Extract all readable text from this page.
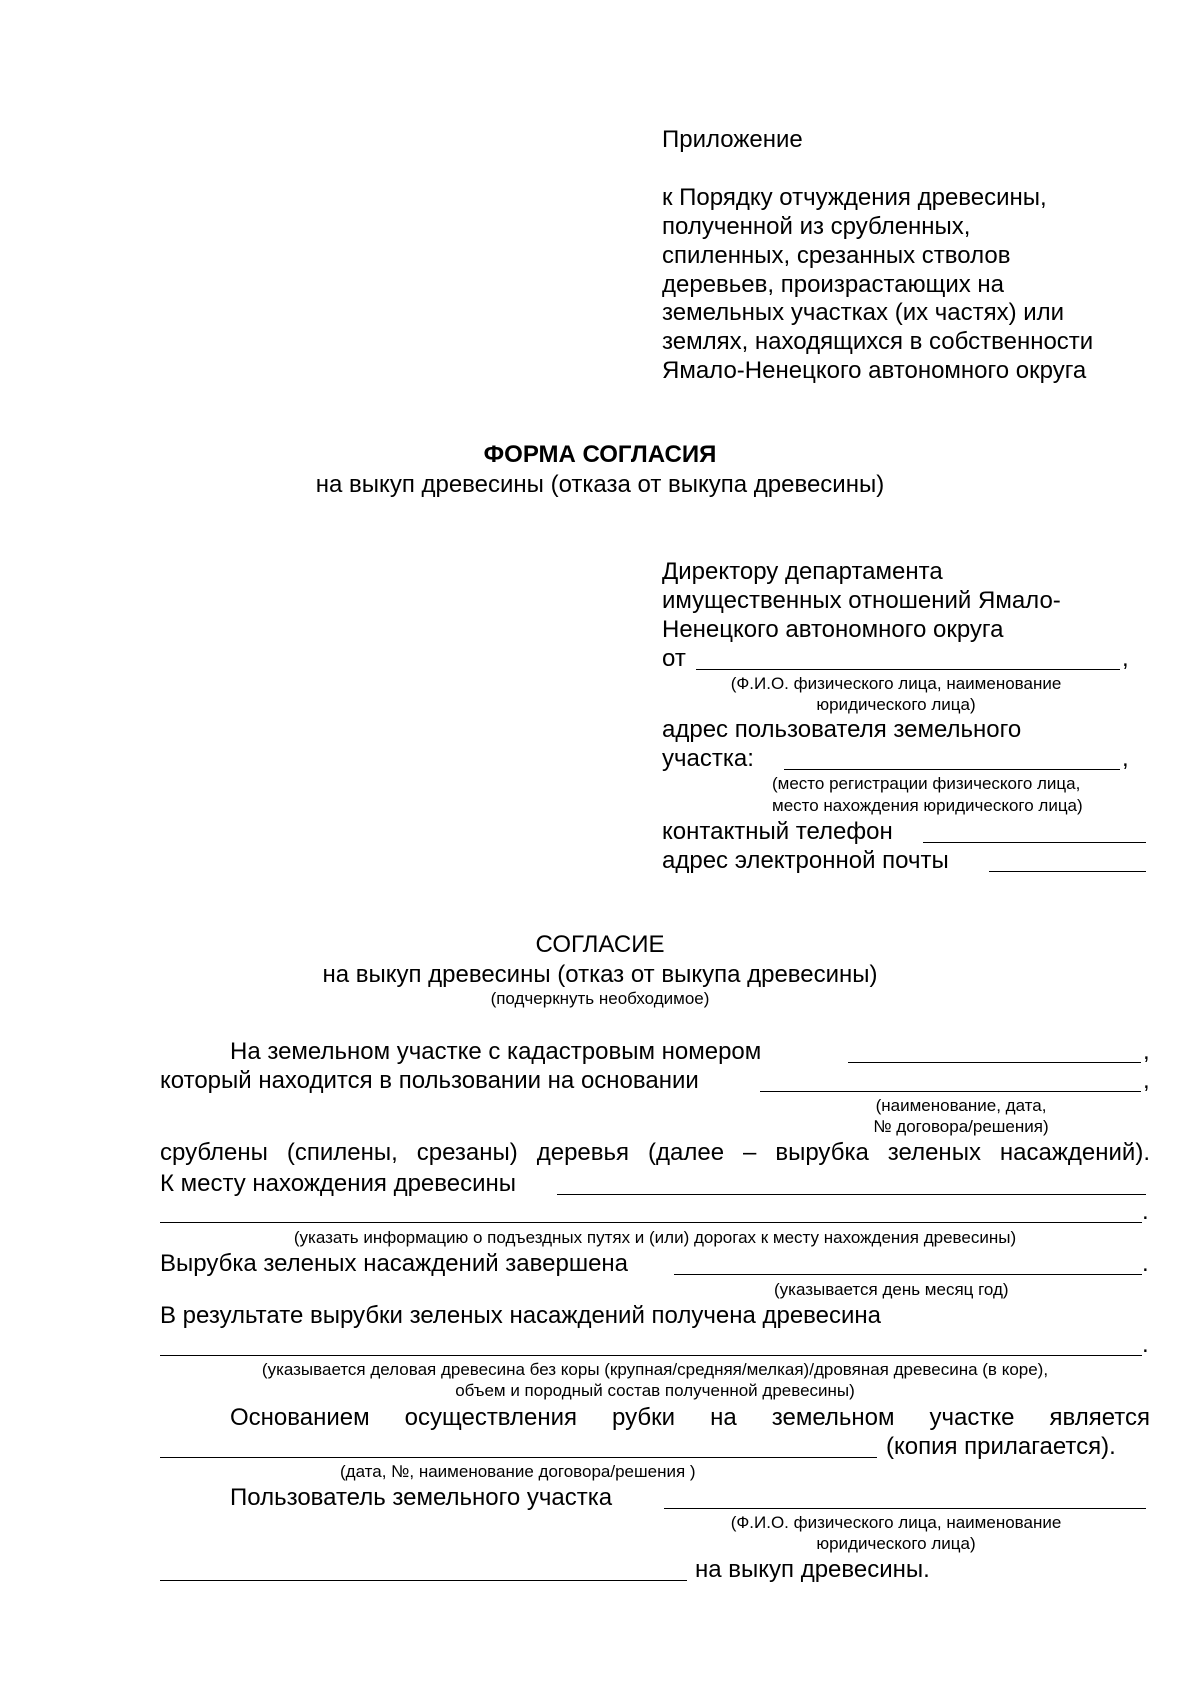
Приложение
к Порядку отчуждения древесины,
полученной из срубленных,
спиленных, срезанных стволов
деревьев, произрастающих на
земельных участках (их частях) или
землях, находящихся в собственности
Ямало-Ненецкого автономного округа
ФОРМА СОГЛАСИЯ
на выкуп древесины (отказа от выкупа древесины)
Директору департамента
имущественных отношений Ямало-
Ненецкого автономного округа
от	,
(Ф.И.О. физического лица, наименование
юридического лица)
адрес пользователя земельного
участка:	,
(место регистрации физического лица,
место нахождения юридического лица)
контактный телефон
адрес электронной почты
СОГЛАСИЕ
на выкуп древесины (отказ от выкупа древесины)
(подчеркнуть необходимое)
На земельном участке с кадастровым номером	,
который находится в пользовании на основании	,
(наименование, дата,
№ договора/решения)
срублены (спилены, срезаны) деревья (далее – вырубка зеленых насаждений).
К месту нахождения древесины
.
(указать информацию о подъездных путях и (или) дорогах к месту нахождения древесины)
Вырубка зеленых насаждений завершена	.
(указывается день месяц год)
В результате вырубки зеленых насаждений получена древесина
.
(указывается деловая древесина без коры (крупная/средняя/мелкая)/дровяная древесина (в коре),
объем и породный состав полученной древесины)
Основанием осуществления рубки на земельном участке является
(копия прилагается).
(дата, №, наименование договора/решения )
Пользователь земельного участка
(Ф.И.О. физического лица, наименование
юридического лица)
на выкуп древесины.
